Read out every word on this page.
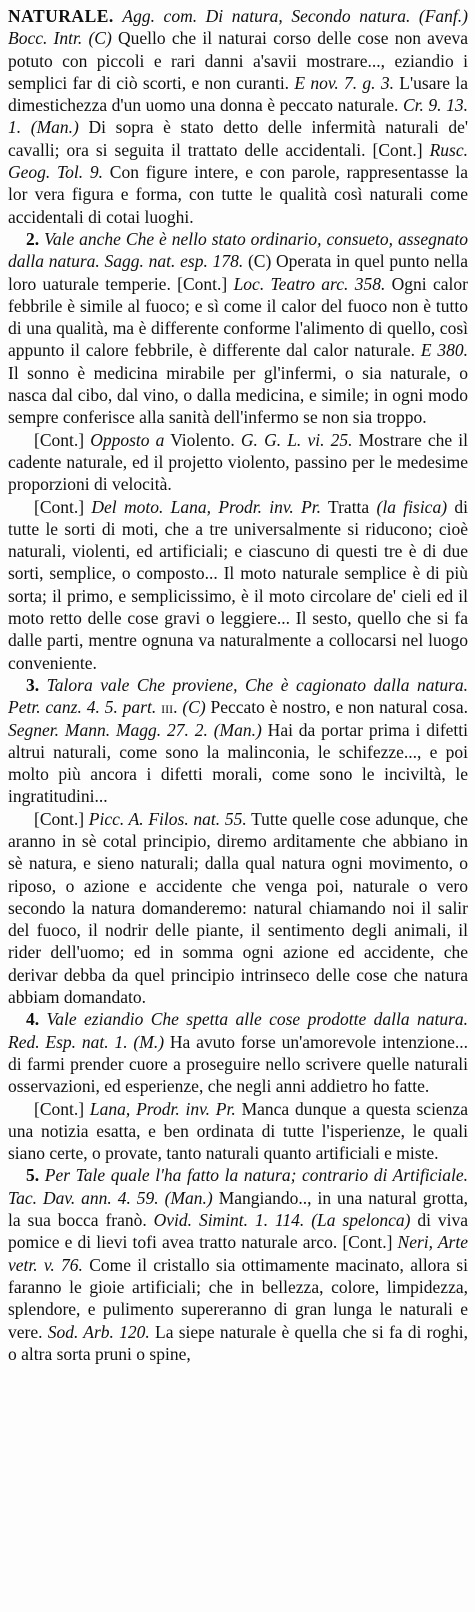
NATURALE. Agg. com. Di natura, Secondo natura. (Fanf.) Bocc. Intr. (C) Quello che il naturai corso delle cose non aveva potuto con piccoli e rari danni a'savii mostrare..., eziandio i semplici far di ciò scorti, e non curanti. E nov. 7. g. 3. L'usare la dimestichezza d'un uomo una donna è peccato naturale. Cr. 9. 13. 1. (Man.) Di sopra è stato detto delle infermità naturali de' cavalli; ora si seguita il trattato delle accidentali. [Cont.] Rusc. Geog. Tol. 9. Con figure intere, e con parole, rappresentasse la lor vera figura e forma, con tutte le qualità così naturali come accidentali di cotai luoghi.

2. Vale anche Che è nello stato ordinario, consueto, assegnato dalla natura. Sagg. nat. esp. 178. (C) Operata in quel punto nella loro uaturale temperie. [Cont.] Loc. Teatro arc. 358. Ogni calor febbrile è simile al fuoco; e sì come il calor del fuoco non è tutto di una qualità, ma è differente conforme l'alimento di quello, così appunto il calore febbrile, è differente dal calor naturale. E 380. Il sonno è medicina mirabile per gl'infermi, o sia naturale, o nasca dal cibo, dal vino, o dalla medicina, e simile; in ogni modo sempre conferisce alla sanità dell'infermo se non sia troppo.

[Cont.] Opposto a Violento. G. G. L. vi. 25. Mostrare che il cadente naturale, ed il projetto violento, passino per le medesime proporzioni di velocità.

[Cont.] Del moto. Lana, Prodr. inv. Pr. Tratta (la fisica) di tutte le sorti di moti, che a tre universalmente si riducono; cioè naturali, violenti, ed artificiali; e ciascuno di questi tre è di due sorti, semplice, o composto... Il moto naturale semplice è di più sorta; il primo, e semplicissimo, è il moto circolare de' cieli ed il moto retto delle cose gravi o leggiere... Il sesto, quello che si fa dalle parti, mentre ognuna va naturalmente a collocarsi nel luogo conveniente.

3. Talora vale Che proviene, Che è cagionato dalla natura. Petr. canz. 4. 5. part. iii. (C) Peccato è nostro, e non natural cosa. Segner. Mann. Magg. 27. 2. (Man.) Hai da portar prima i difetti altrui naturali, come sono la malinconia, le schifezze..., e poi molto più ancora i difetti morali, come sono le inciviltà, le ingratitudini...

[Cont.] Picc. A. Filos. nat. 55. Tutte quelle cose adunque, che aranno in sè cotal principio, diremo arditamente che abbiano in sè natura, e sieno naturali; dalla qual natura ogni movimento, o riposo, o azione e accidente che venga poi, naturale o vero secondo la natura domanderemo: natural chiamando noi il salir del fuoco, il nodrir delle piante, il sentimento degli animali, il rider dell'uomo; ed in somma ogni azione ed accidente, che derivar debba da quel principio intrinseco delle cose che natura abbiam domandato.

4. Vale eziandio Che spetta alle cose prodotte dalla natura. Red. Esp. nat. 1. (M.) Ha avuto forse un'amorevole intenzione... di farmi prender cuore a proseguire nello scrivere quelle naturali osservazioni, ed esperienze, che negli anni addietro ho fatte.

[Cont.] Lana, Prodr. inv. Pr. Manca dunque a questa scienza una notizia esatta, e ben ordinata di tutte l'isperienze, le quali siano certe, o provate, tanto naturali quanto artificiali e miste.

5. Per Tale quale l'ha fatto la natura; contrario di Artificiale. Tac. Dav. ann. 4. 59. (Man.) Mangiando.., in una natural grotta, la sua bocca franò. Ovid. Simint. 1. 114. (La spelonca) di viva pomice e di lievi tofi avea tratto naturale arco. [Cont.] Neri, Arte vetr. v. 76. Come il cristallo sia ottimamente macinato, allora si faranno le gioie artificiali; che in bellezza, colore, limpidezza, splendore, e pulimento supereranno di gran lunga le naturali e vere. Sod. Arb. 120. La siepe naturale è quella che si fa di roghi, o altra sorta pruni o spine,
